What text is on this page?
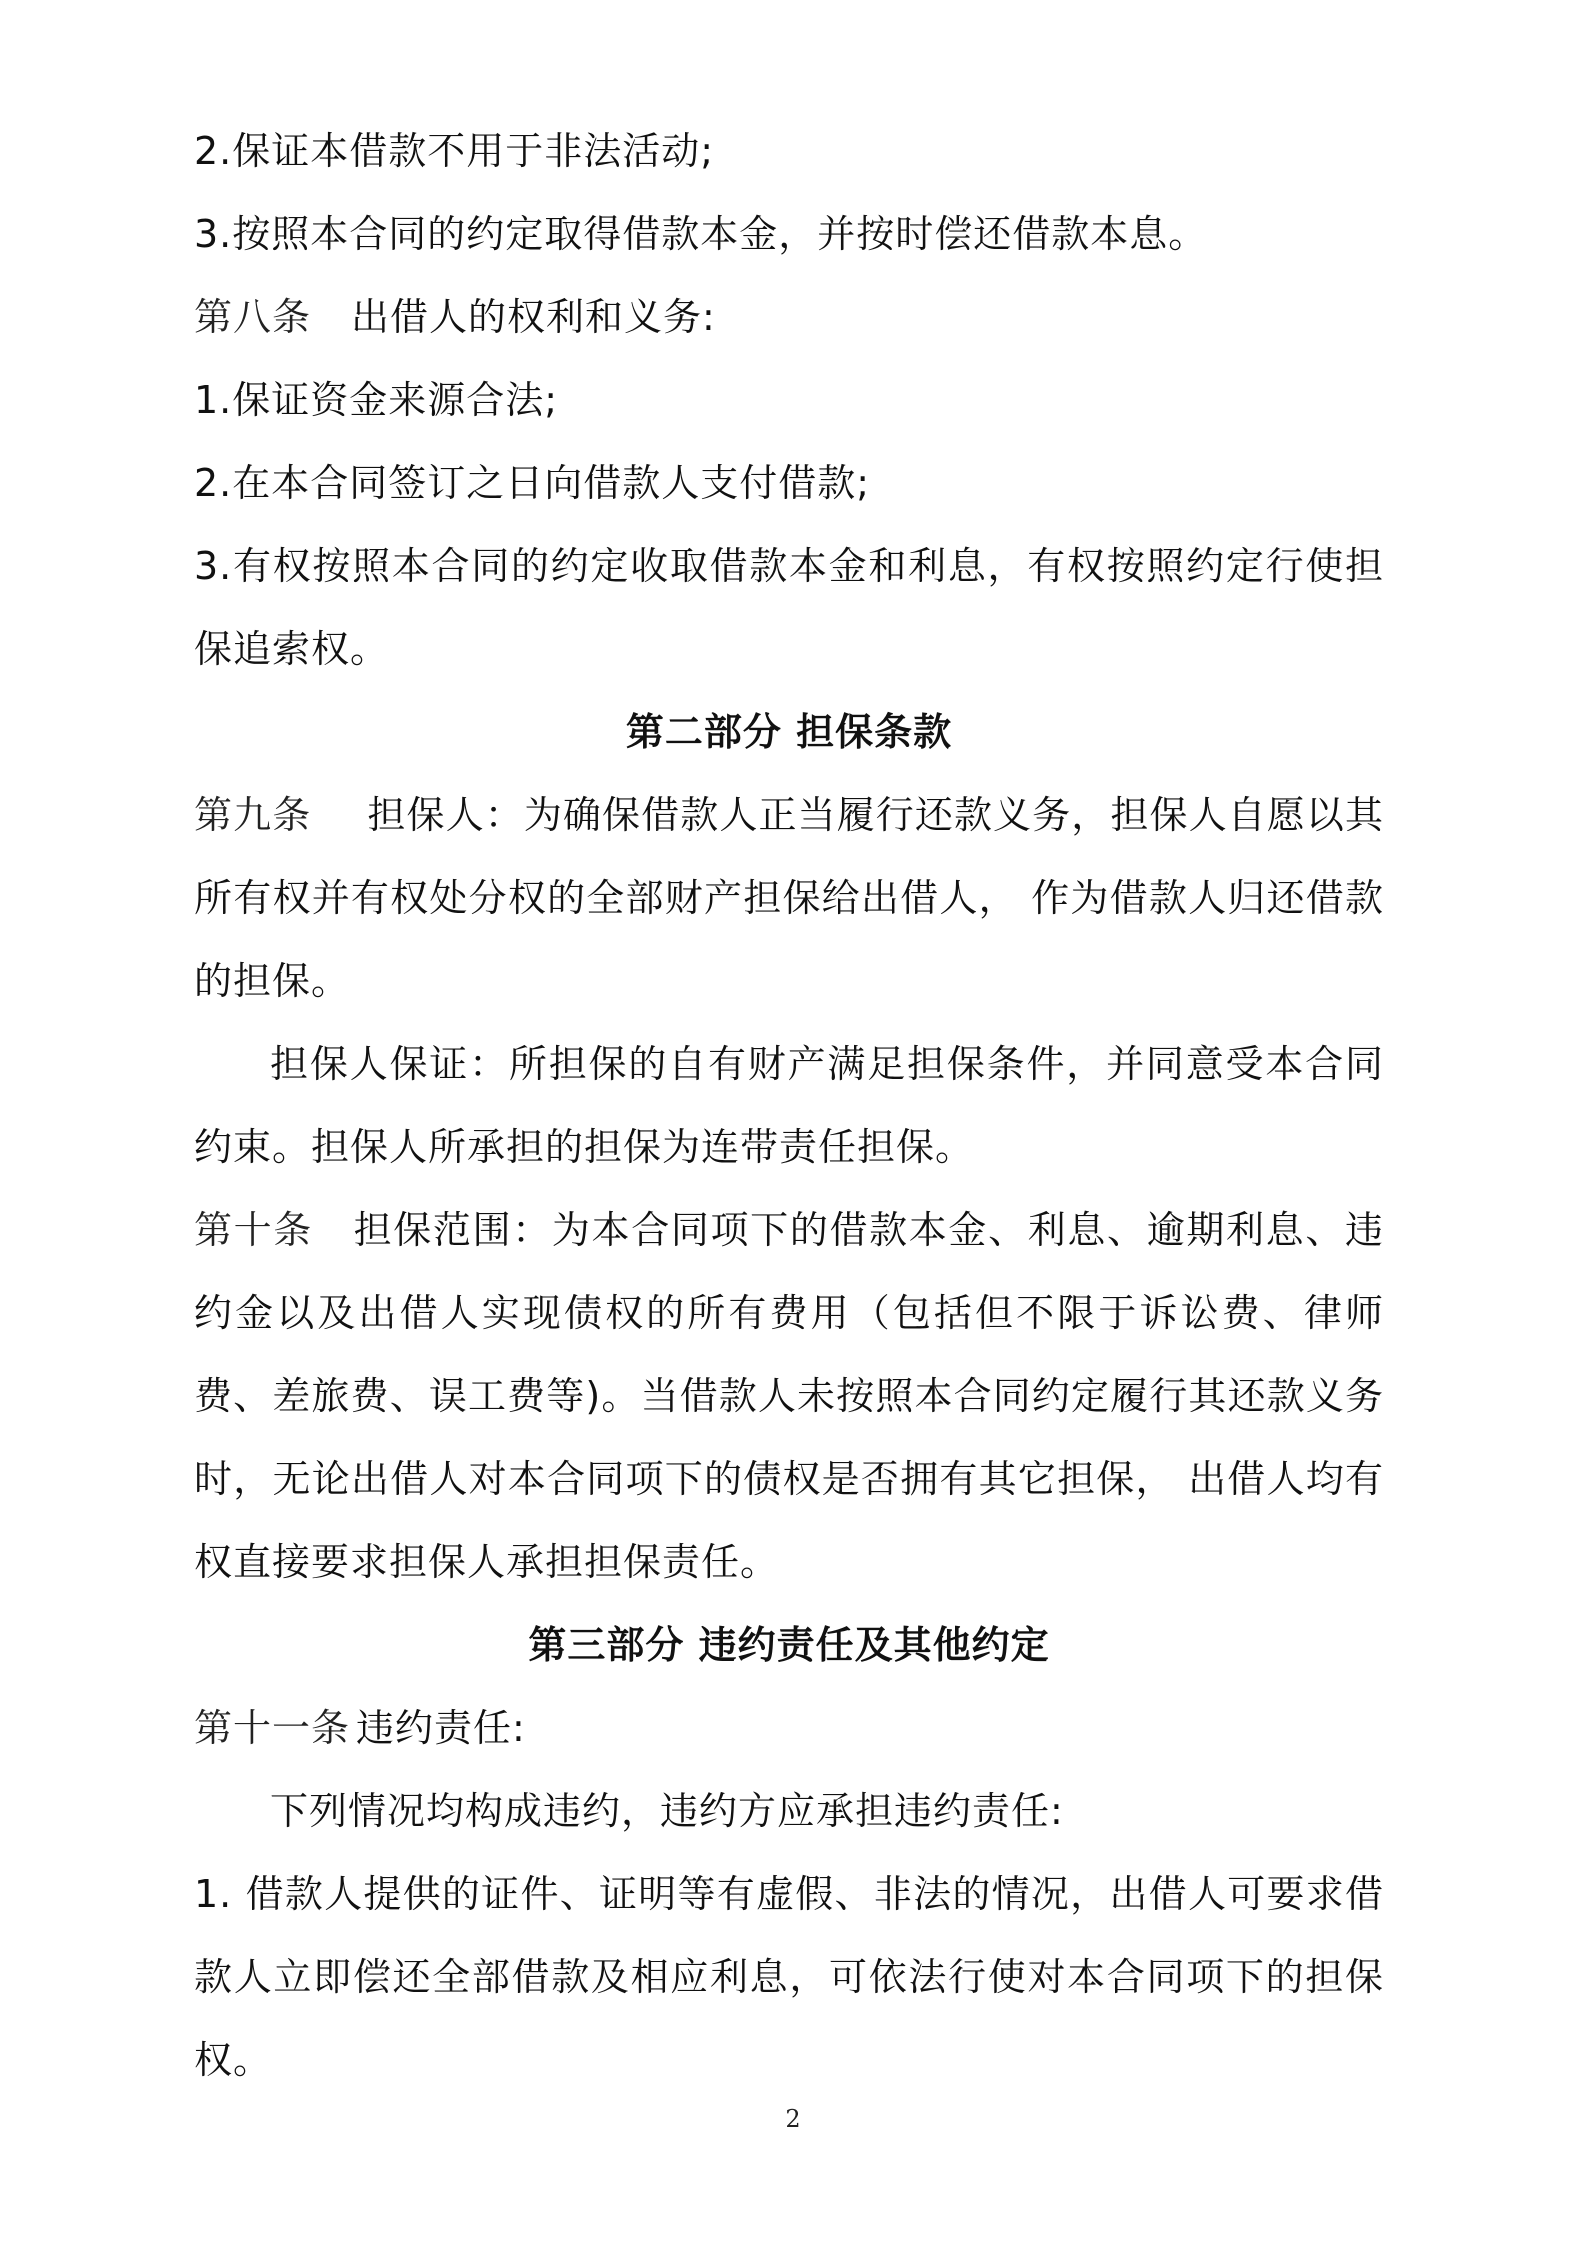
2.保证本借款不用于非法活动;

3.按照本合同的约定取得借款本金，并按时偿还借款本息。

第八条 出借人的权利和义务:

1.保证资金来源合法;

2.在本合同签订之日向借款人支付借款;

3.有权按照本合同的约定收取借款本金和利息，有权按照约定行使担保追索权。

第二部分 担保条款

第九条 担保人：为确保借款人正当履行还款义务，担保人自愿以其所有权并有权处分权的全部财产担保给出借人， 作为借款人归还借款的担保。

担保人保证：所担保的自有财产满足担保条件，并同意受本合同约束。担保人所承担的担保为连带责任担保。

第十条 担保范围：为本合同项下的借款本金、利息、逾期利息、违约金以及出借人实现债权的所有费用（包括但不限于诉讼费、律师费、差旅费、误工费等)。当借款人未按照本合同约定履行其还款义务时，无论出借人对本合同项下的债权是否拥有其它担保， 出借人均有权直接要求担保人承担担保责任。

第三部分 违约责任及其他约定

第十一条 违约责任:

下列情况均构成违约，违约方应承担违约责任:

1. 借款人提供的证件、证明等有虚假、非法的情况，出借人可要求借款人立即偿还全部借款及相应利息，可依法行使对本合同项下的担保权。

2
